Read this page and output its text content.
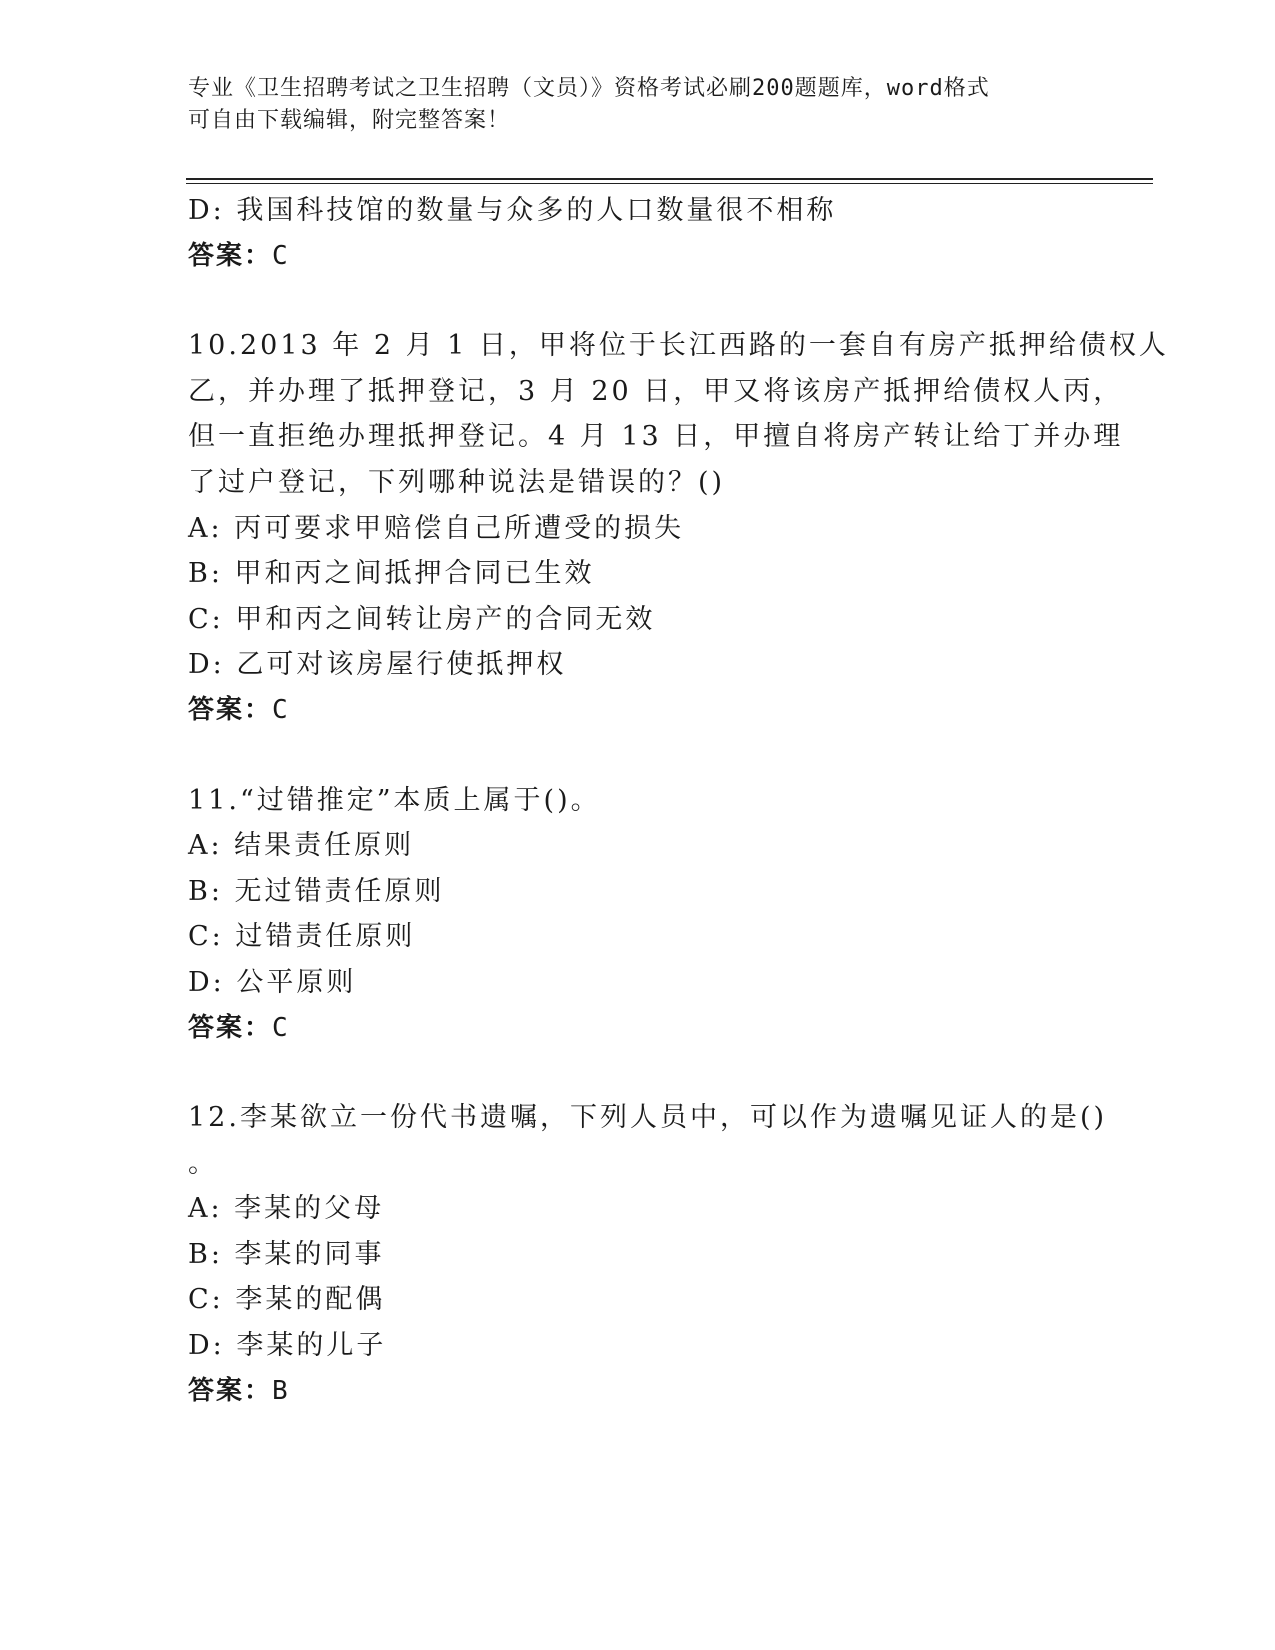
专业《卫生招聘考试之卫生招聘（文员）》资格考试必刷200题题库，word格式
可自由下载编辑，附完整答案！
D: 我国科技馆的数量与众多的人口数量很不相称
答案：C
10.2013 年 2 月 1 日，甲将位于长江西路的一套自有房产抵押给债权人
乙，并办理了抵押登记，3 月 20 日，甲又将该房产抵押给债权人丙，
但一直拒绝办理抵押登记。4 月 13 日，甲擅自将房产转让给丁并办理
了过户登记，下列哪种说法是错误的？()
A: 丙可要求甲赔偿自己所遭受的损失
B: 甲和丙之间抵押合同已生效
C: 甲和丙之间转让房产的合同无效
D: 乙可对该房屋行使抵押权
答案：C
11.“过错推定”本质上属于()。
A: 结果责任原则
B: 无过错责任原则
C: 过错责任原则
D: 公平原则
答案：C
12.李某欲立一份代书遗嘱，下列人员中，可以作为遗嘱见证人的是()
。
A: 李某的父母
B: 李某的同事
C: 李某的配偶
D: 李某的儿子
答案：B
